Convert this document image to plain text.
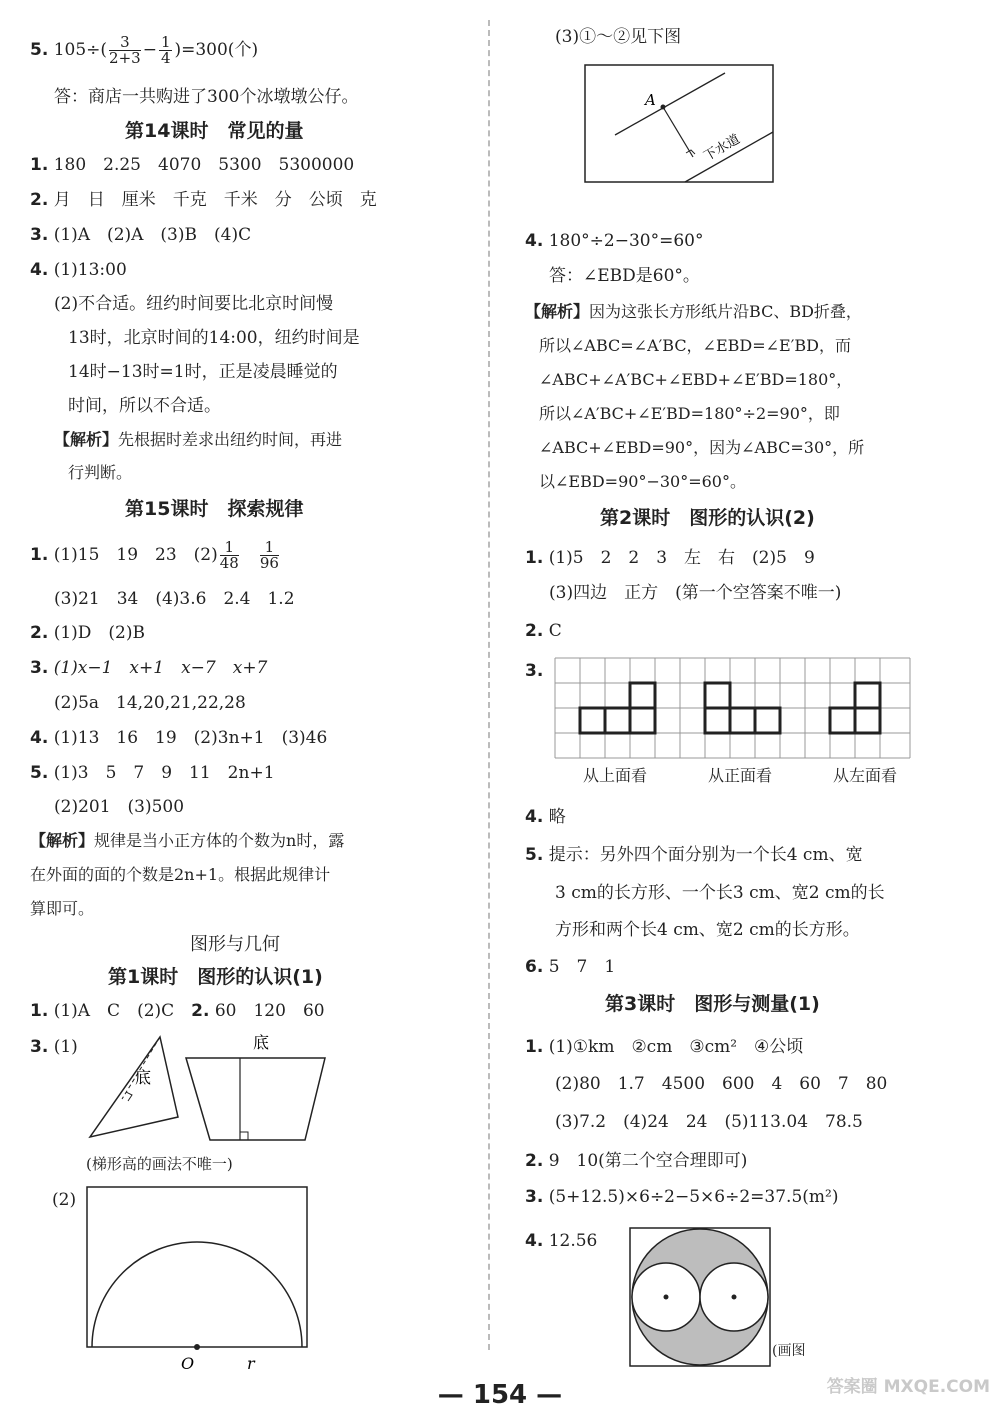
5. $105\div( \frac{3}{2+3} - \frac{1}{4} )=300$(个)
答：商店一共购进了300个冰墩墩公仔。
第14课时　常见的量
1. 180　2.25　4070　5300　5300000
2. 月　日　厘米　千克　千米　分　公顷　克
3. (1)A　(2)A　(3)B　(4)C
4. (1)13:00
(2)不合适。纽约时间要比北京时间慢
13时，北京时间的14:00，纽约时间是
14时−13时=1时，正是凌晨睡觉的
时间，所以不合适。
【解析】先根据时差求出纽约时间，再进
行判断。
第15课时　探索规律
1. (1)15　19　23　$(2) \frac{1}{48}$
　 $\frac{1}{96}$
(3)21　34　(4)3.6　2.4　1.2
2. (1)D　(2)B
3. (1)x−1　x+1　x−7　x+7
(2)5a　14,20,21,22,28
4. (1)13　16　19　(2)3n+1　(3)46
5. (1)3　5　7　9　11　2n+1
(2)201　(3)500
【解析】规律是当小正方体的个数为n时，露
在外面的面的个数是2n+1。根据此规律计
算即可。
图形与几何
第1课时　图形的认识(1)
1. (1)A　C　(2)C　 2. 60　120　60
3. (1)	底
底
(梯形高的画法不唯一)
(2)
O	r
(3)①～②见下图
A
下水道
4. 180°÷2−30°=60°
答：∠EBD是60°。
【解析】因为这张长方形纸片沿BC、BD折叠，
所以∠ABC=∠A′BC，∠EBD=∠E′BD，而
∠ABC+∠A′BC+∠EBD+∠E′BD=180°，
所以∠A′BC+∠E′BD=180°÷2=90°，即
∠ABC+∠EBD=90°，因为∠ABC=30°，所
以∠EBD=90°−30°=60°。
第2课时　图形的认识(2)
1. (1)5　2　2　3　左　右　(2)5　9
(3)四边　正方　(第一个空答案不唯一)
2. C
3.
从上面看	从正面看	从左面看
4. 略
5. 提示：另外四个面分别为一个长4 cm、宽
3 cm的长方形、一个长3 cm、宽2 cm的长
方形和两个长4 cm、宽2 cm的长方形。
6. 5　7　1
第3课时　图形与测量(1)
1. (1)①km　②cm　③cm²　④公顷
(2)80　1.7　4500　600　4　60　7　80
(3)7.2　(4)24　24　(5)113.04　78.5
2. 9　10(第二个空合理即可)
3. (5+12.5)×6÷2−5×6÷2=37.5(m²)
4. 12.56
(画图
— 154 —	答案圈 MXQE.COM
